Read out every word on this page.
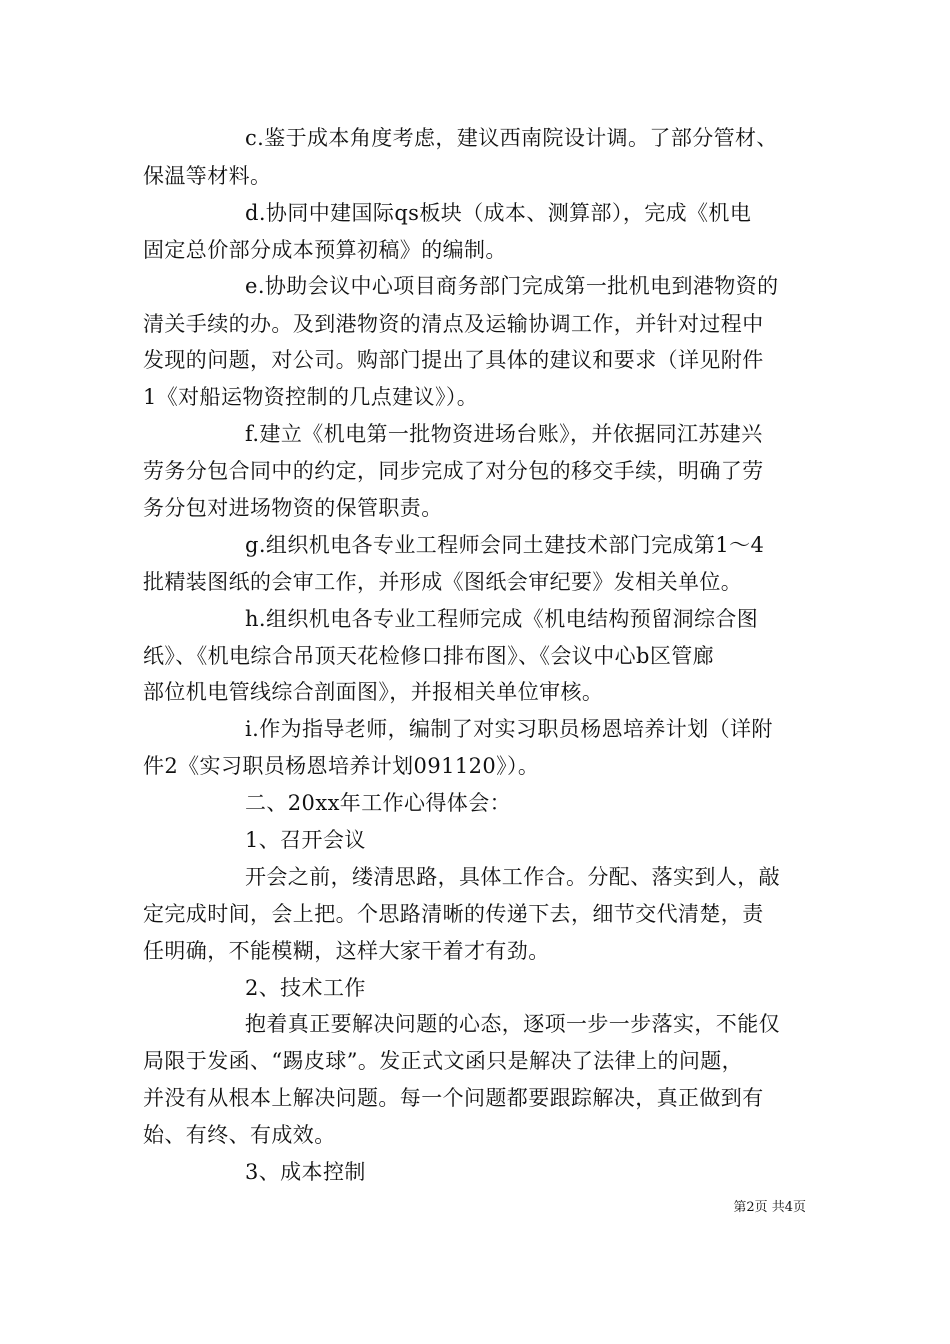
c.鉴于成本角度考虑，建议西南院设计调。了部分管材、
保温等材料。
d.协同中建国际qs板块（成本、测算部），完成《机电
固定总价部分成本预算初稿》的编制。
e.协助会议中心项目商务部门完成第一批机电到港物资的
清关手续的办。及到港物资的清点及运输协调工作，并针对过程中
发现的问题，对公司。购部门提出了具体的建议和要求（详见附件
1《对船运物资控制的几点建议》）。
f.建立《机电第一批物资进场台账》，并依据同江苏建兴
劳务分包合同中的约定，同步完成了对分包的移交手续，明确了劳
务分包对进场物资的保管职责。
g.组织机电各专业工程师会同土建技术部门完成第1～4
批精装图纸的会审工作，并形成《图纸会审纪要》发相关单位。
h.组织机电各专业工程师完成《机电结构预留洞综合图
纸》、《机电综合吊顶天花检修口排布图》、《会议中心b区管廊
部位机电管线综合剖面图》，并报相关单位审核。
i.作为指导老师，编制了对实习职员杨恩培养计划（详附
件2《实习职员杨恩培养计划091120》）。
二、20xx年工作心得体会：
1、召开会议
开会之前，缕清思路，具体工作合。分配、落实到人，敲
定完成时间，会上把。个思路清晰的传递下去，细节交代清楚，责
任明确，不能模糊，这样大家干着才有劲。
2、技术工作
抱着真正要解决问题的心态，逐项一步一步落实，不能仅
局限于发函、“踢皮球”。发正式文函只是解决了法律上的问题，
并没有从根本上解决问题。每一个问题都要跟踪解决，真正做到有
始、有终、有成效。
3、成本控制
第2页 共4页
